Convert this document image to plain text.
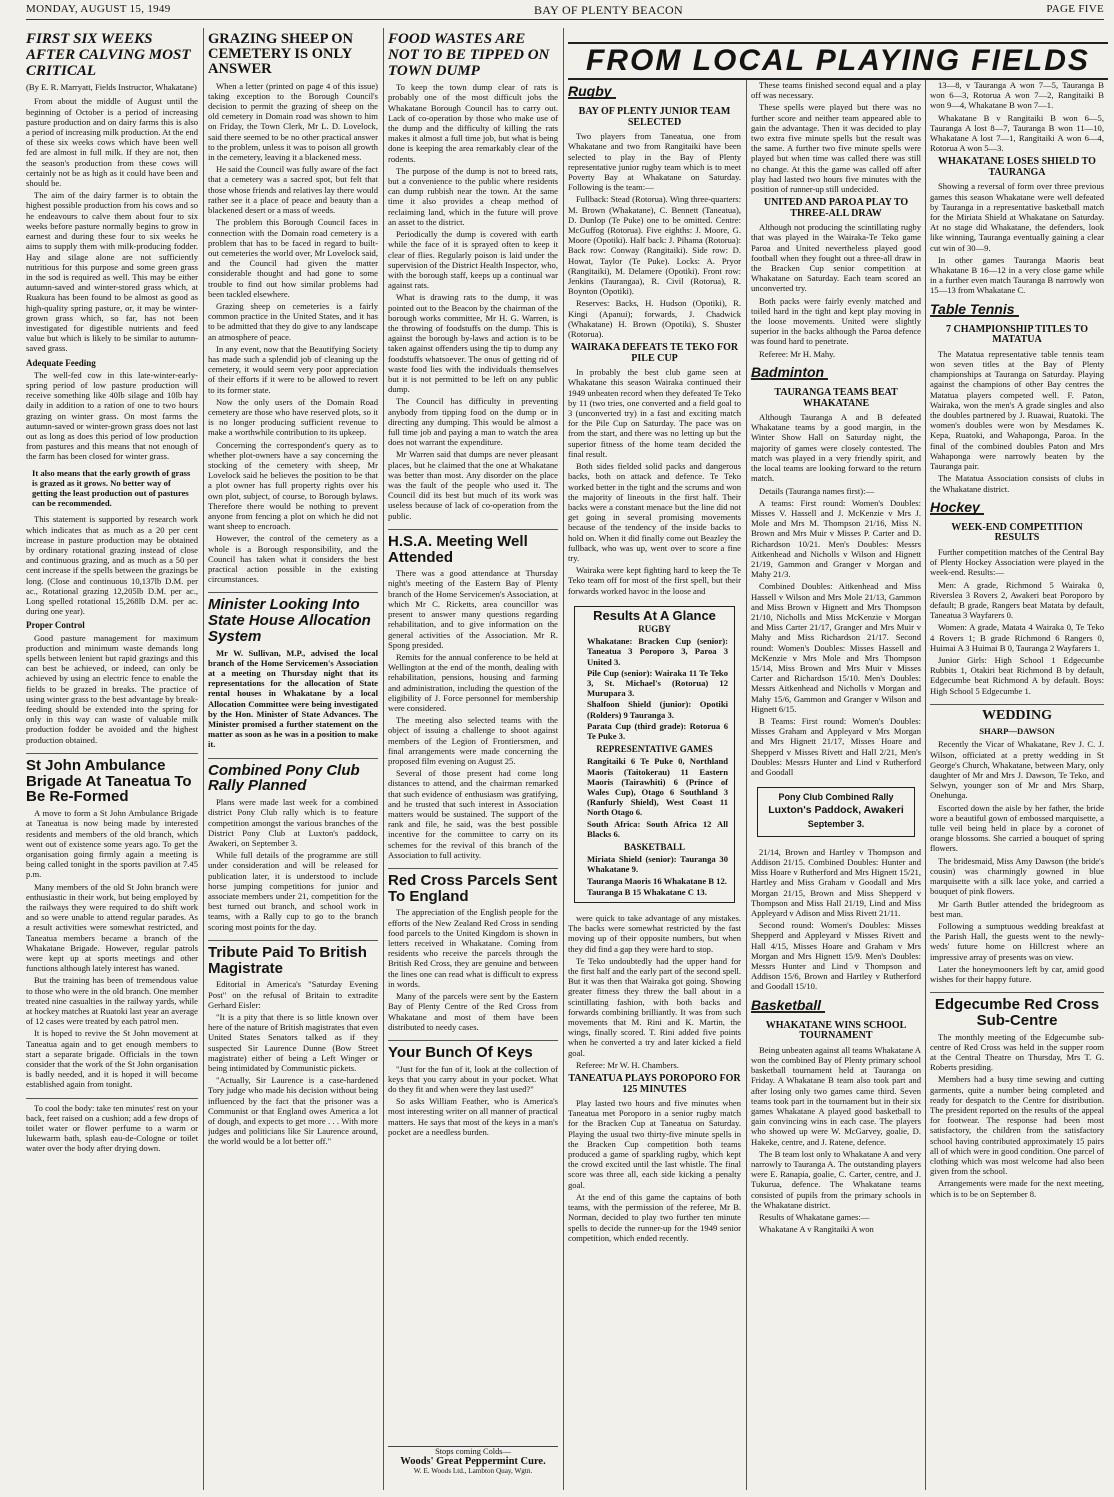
MONDAY, AUGUST 15, 1949	BAY OF PLENTY BEACON	PAGE FIVE
FROM LOCAL PLAYING FIELDS
FIRST SIX WEEKS AFTER CALVING MOST CRITICAL
(By E. R. Marryatt, Fields Instructor, Whakatane)

From about the middle of August until the beginning of October is a period of increasing pasture production and on dairy farms this is also a period of increasing milk production. At the end of these six weeks cows which have been well fed are almost in full milk. If they are not, then the season's production from these cows will certainly not be as high as it could have been and should be.

The aim of the dairy farmer is to obtain the highest possible production from his cows and so he endeavours to calve them about four to six weeks before pasture normally begins to grow in earnest and during these four to six weeks he aims to supply them with milk-producing fodder. Hay and silage alone are not sufficiently nutritious for this purpose and some green grass in the sod is required as well. This may be either autumn-saved and winter-stored grass which, at Ruakura has been found to be almost as good as high-quality spring pasture, or, it may be winter-grown grass which, so far, has not been investigated for digestible nutrients and feed value but which is likely to be similar to autumn-saved grass.

Adequate Feeding

The well-fed cow in this late-winter-early-spring period of low pasture production will receive something like 40lb silage and 10lb hay daily in addition to a ration of one to two hours grazing on winter grass. On most farms the autumn-saved or winter-grown grass does not last out as long as does this period of low production from pastures and this means that not enough of the farm has been closed for winter grass.

It also means that the early growth of grass is grazed as it grows. No better way of getting the least production out of pastures can be recommended.

This statement is supported by research work which indicates that as much as a 20 per cent increase in pasture production may be obtained by ordinary rotational grazing instead of close and continuous grazing, and as much as a 50 per cent increase if the spells between the grazings be long. (Close and continuous 10,137lb D.M. per ac., Rotational grazing 12,205lb D.M. per ac., Long spelled rotational 15,268lb D.M. per ac. during one year).

Proper Control

Good pasture management for maximum production and minimum waste demands long spells between lenient but rapid grazings and this can best be achieved, or indeed, can only be achieved by using an electric fence to enable the fields to be grazed in breaks. The practice of using winter grass to the best advantage by break-feeding should be extended into the spring for only in this way can waste of valuable milk production fodder be avoided and the highest production obtained.

St John Ambulance Brigade At Taneatua To Be Re-Formed

A move to form a St John Ambulance Brigade at Taneatua is now being made by interested residents and members of the old branch, which went out of existence some years ago. To get the organisation going firmly again a meeting is being called tonight in the sports pavilion at 7.45 p.m.

Many members of the old St John branch were enthusiastic in their work, but being employed by the railways they were required to do shift work and so were unable to attend regular parades. As a result activities were somewhat restricted, and Taneatua members became a branch of the Whakatane Brigade. However, regular patrols were kept up at sports meetings and other functions although lately interest has waned.

But the training has been of tremendous value to those who were in the old branch. One member treated nine casualties in the railway yards, while at hockey matches at Ruatoki last year an average of 12 cases were treated by each patrol men.

It is hoped to revive the St John movement at Taneatua again and to get enough members to start a separate brigade. Officials in the town consider that the work of the St John organisation is badly needed, and it is hoped it will become established again from tonight.

To cool the body: take ten minutes' rest on your back, feet raised on a cushion; add a few drops of toilet water or flower perfume to a warm or lukewarm bath, splash eau-de-Cologne or toilet water over the body after drying down.

GRAZING SHEEP ON CEMETERY IS ONLY ANSWER

When a letter (printed on page 4 of this issue) taking exception to the Borough Council's decision to permit the grazing of sheep on the old cemetery in Domain road was shown to him on Friday, the Town Clerk, Mr L. D. Lovelock, said there seemed to be no other practical answer to the problem, unless it was to poison all growth in the cemetery, leaving it a blackened mess.

He said the Council was fully aware of the fact that a cemetery was a sacred spot, but felt that those whose friends and relatives lay there would rather see it a place of peace and beauty than a blackened desert or a mass of weeds.

The problem this Borough Council faces in connection with the Domain road cemetery is a problem that has to be faced in regard to built-out cemeteries the world over, Mr Lovelock said, and the Council had given the matter considerable thought and had gone to some trouble to find out how similar problems had been tackled elsewhere.

Grazing sheep on cemeteries is a fairly common practice in the United States, and it has to be admitted that they do give to any landscape an atmosphere of peace.

In any event, now that the Beautifying Society has made such a splendid job of cleaning up the cemetery, it would seem very poor appreciation of their efforts if it were to be allowed to revert to its former state.

Now the only users of the Domain Road cemetery are those who have reserved plots, so it is no longer producing sufficient revenue to make a worthwhile contribution to its upkeep.

Concerning the correspondent's query as to whether plot-owners have a say concerning the stocking of the cemetery with sheep, Mr Lovelock said he believes the position to be that a plot owner has full property rights over his own plot, subject, of course, to Borough bylaws. Therefore there would be nothing to prevent anyone from fencing a plot on which he did not want sheep to encroach.

However, the control of the cemetery as a whole is a Borough responsibility, and the Council has taken what it considers the best practical action possible in the existing circumstances.

Minister Looking Into State House Allocation System

Mr W. Sullivan, M.P., advised the local branch of the Home Servicemen's Association at a meeting on Thursday night that its representations for the allocation of State rental houses in Whakatane by a local Allocation Committee were being investigated by the Hon. Minister of State Advances. The Minister promised a further statement on the matter as soon as he was in a position to make it.

Combined Pony Club Rally Planned

Plans were made last week for a combined district Pony Club rally which is to feature competition amongst the various branches of the District Pony Club at Luxton's paddock, Awakeri, on September 3.

While full details of the programme are still under consideration and will be released for publication later, it is understood to include horse jumping competitions for junior and associate members under 21, competition for the best turned out branch, and school work in teams, with a Rally cup to go to the branch scoring most points for the day.

Tribute Paid To British Magistrate

Editorial in America's "Saturday Evening Post" on the refusal of Britain to extradite Gerhard Eisler:

"It is a pity that there is so little known over here of the nature of British magistrates that even United States Senators talked as if they suspected Sir Laurence Dunne (Bow Street magistrate) either of being a Left Winger or being intimidated by Communistic pickets.

"Actually, Sir Laurence is a case-hardened Tory judge who made his decision without being influenced by the fact that the prisoner was a Communist or that England owes America a lot of dough, and expects to get more . . . With more judges and politicians like Sir Laurence around, the world would be a lot better off."

FOOD WASTES ARE NOT TO BE TIPPED ON TOWN DUMP

To keep the town dump clear of rats is probably one of the most difficult jobs the Whakatane Borough Council has to carry out. Lack of co-operation by those who make use of the dump and the difficulty of killing the rats makes it almost a full time job, but what is being done is keeping the area remarkably clear of the rodents.

The purpose of the dump is not to breed rats, but a convenience to the public where residents can dump rubbish near the town. At the same time it also provides a cheap method of reclaiming land, which in the future will prove an asset to the district.

Periodically the dump is covered with earth while the face of it is sprayed often to keep it clear of flies. Regularly poison is laid under the supervision of the District Health Inspector, who, with the borough staff, keeps up a continual war against rats.

What is drawing rats to the dump, it was pointed out to the Beacon by the chairman of the borough works committee, Mr H. G. Warren, is the throwing of foodstuffs on the dump. This is against the borough by-laws and action is to be taken against offenders using the tip to dump any foodstuffs whatsoever. The onus of getting rid of waste food lies with the individuals themselves but it is not permitted to be left on any public dump.

The Council has difficulty in preventing anybody from tipping food on the dump or in directing any dumping. This would be almost a full time job and paying a man to watch the area does not warrant the expenditure.

Mr Warren said that dumps are never pleasant places, but he claimed that the one at Whakatane was better than most. Any disorder on the place was the fault of the people who used it. The Council did its best but much of its work was useless because of lack of co-operation from the public.

H.S.A. Meeting Well Attended

There was a good attendance at Thursday night's meeting of the Eastern Bay of Plenty branch of the Home Servicemen's Association, at which Mr C. Ricketts, area councillor was present to answer many questions regarding rehabilitation, and to give information on the general activities of the Association. Mr R. Spong presided.

Remits for the annual conference to be held at Wellington at the end of the month, dealing with rehabilitation, pensions, housing and farming and administration, including the question of the eligibility of J. Force personnel for membership were considered.

The meeting also selected teams with the object of issuing a challenge to shoot against members of the Legion of Frontiersmen, and final arrangements were made concerning the proposed film evening on August 25.

Several of those present had come long distances to attend, and the chairman remarked that such evidence of enthusiasm was gratifying, and he trusted that such interest in Association matters would be sustained. The support of the rank and file, he said, was the best possible incentive for the committee to carry on its schemes for the revival of this branch of the Association to full activity.

Red Cross Parcels Sent To England

The appreciation of the English people for the efforts of the New Zealand Red Cross in sending food parcels to the United Kingdom is shown in letters received in Whakatane. Coming from residents who receive the parcels through the British Red Cross, they are genuine and between the lines one can read what is difficult to express in words.

Many of the parcels were sent by the Eastern Bay of Plenty Centre of the Red Cross from Whakatane and most of them have been distributed to needy cases.

Your Bunch Of Keys

"Just for the fun of it, look at the collection of keys that you carry about in your pocket. What do they fit and when were they last used?"

So asks William Feather, who is America's most interesting writer on all manner of practical matters. He says that most of the keys in a man's pocket are a needless burden.

Stops coming Colds—
Woods' Great Peppermint Cure.
W. E. Woods Ltd., Lambton Quay, Wgtn.
Rugby
BAY OF PLENTY JUNIOR TEAM SELECTED

Two players from Taneatua, one from Whakatane and two from Rangitaiki have been selected to play in the Bay of Plenty representative junior rugby team which is to meet Poverty Bay at Whakatane on Saturday. Following is the team:—

Fullback: Stead (Rotorua). Wing three-quarters: M. Brown (Whakatane), C. Bennett (Taneatua), D. Dunlop (Te Puke) one to be omitted. Centre: McGuffog (Rotorua). Five eighths: J. Moore, G. Moore (Opotiki). Half back: J. Pihama (Rotorua): Back row: Conway (Rangitaiki). Side row: D. Howat, Taylor (Te Puke). Locks: A. Pryor (Rangitaiki), M. Delamere (Opotiki). Front row: Jenkins (Taurangaa), R. Civil (Rotorua), R. Boynton (Opotiki).

Reserves: Backs, H. Hudson (Opotiki), R. Kingi (Apanui); forwards, J. Chadwick (Whakatane) H. Brown (Opotiki), S. Shuster (Rotorua).

WAIRAKA DEFEATS TE TEKO FOR PILE CUP

In probably the best club game seen at Whakatane this season Wairaka continued their 1949 unbeaten record when they defeated Te Teko by 11 (two tries, one converted and a field goal to 3 (unconverted try) in a fast and exciting match for the Pile Cup on Saturday. The pace was on from the start, and there was no letting up but the superior fitness of the home team decided the final result.

Both sides fielded solid packs and dangerous backs, both on attack and defence. Te Teko worked better in the tight and the scrums and won the majority of lineouts in the first half. Their backs were a constant menace but the line did not get going in several promising movements because of the tendency of the inside backs to hold on. When it did finally come out Beazley the fullback, who was up, went over to score a fine try.

Wairaka were kept fighting hard to keep the Te Teko team off for most of the first spell, but their forwards worked havoc in the loose and

Results At A Glance
RUGBY

Whakatane: Bracken Cup (senior): Taneatua 3 Poroporo 3, Paroa 3 United 3.

Pile Cup (senior): Wairaka 11 Te Teko 3, St. Michael's (Rotorua) 12 Murupara 3.

Shalfoon Shield (junior): Opotiki (Rolders) 9 Tauranga 3.

Parata Cup (third grade): Rotorua 6 Te Puke 3.

REPRESENTATIVE GAMES

Rangitaiki 6 Te Puke 0, Northland Maoris (Taitokerau) 11 Eastern Maoris (Tairawhiti) 6 (Prince of Wales Cup), Otago 6 Southland 3 (Ranfurly Shield), West Coast 11 North Otago 6.

South Africa: South Africa 12 All Blacks 6.

BASKETBALL

Miriata Shield (senior): Tauranga 30 Whakatane 9.

Tauranga Maoris 16 Whakatane B 12.

Tauranga B 15 Whakatane C 13.

were quick to take advantage of any mistakes. The backs were somewhat restricted by the fast moving up of their opposite numbers, but when they did find a gap they were hard to stop.

Te Teko undoubtedly had the upper hand for the first half and the early part of the second spell. But it was then that Wairaka got going. Showing greater fitness they threw the ball about in a scintillating fashion, with both backs and forwards combining brilliantly. It was from such movements that M. Rini and K. Martin, the wings, finally scored. T. Rini added five points when he converted a try and later kicked a field goal.

Referee: Mr W. H. Chambers.

TANEATUA PLAYS POROPORO FOR 125 MINUTES

Play lasted two hours and five minutes when Taneatua met Poroporo in a senior rugby match for the Bracken Cup at Taneatua on Saturday. Playing the usual two thirty-five minute spells in the Bracken Cup competition both teams produced a game of sparkling rugby, which kept the crowd excited until the last whistle. The final score was three all, each side kicking a penalty goal.

At the end of this game the captains of both teams, with the permission of the referee, Mr B. Norman, decided to play two further ten minute spells to decide the runner-up for the 1949 senior competition, which ended recently.

These teams finished second equal and a play off was necessary.

These spells were played but there was no further score and neither team appeared able to gain the advantage. Then it was decided to play two extra five minute spells but the result was the same. A further two five minute spells were played but when time was called there was still no change. At this the game was called off after play had lasted two hours five minutes with the position of runner-up still undecided.

UNITED AND PAROA PLAY TO THREE-ALL DRAW

Although not producing the scintillating rugby that was played in the Wairaka-Te Teko game Paroa and United nevertheless played good football when they fought out a three-all draw in the Bracken Cup senior competition at Whakatane on Saturday. Each team scored an unconverted try.

Both packs were fairly evenly matched and toiled hard in the tight and kept play moving in the loose movements. United were slightly superior in the backs although the Paroa defence was found hard to penetrate.

Referee: Mr H. Mahy.

Badminton
TAURANGA TEAMS BEAT WHAKATANE

Although Tauranga A and B defeated Whakatane teams by a good margin, in the Winter Show Hall on Saturday night, the majority of games were closely contested. The match was played in a very friendly spirit, and the local teams are looking forward to the return match.

Details (Tauranga names first):—

A teams: First round: Women's Doubles: Misses V. Hassell and J. McKenzie v Mrs J. Mole and Mrs M. Thompson 21/16, Miss N. Brown and Mrs Muir v Misses P. Carter and D. Richardson 10/21. Men's Doubles: Messrs Aitkenhead and Nicholls v Wilson and Hignett 21/19, Gammon and Granger v Morgan and Mahy 21/3.

Combined Doubles: Aitkenhead and Miss Hassell v Wilson and Mrs Mole 21/13, Gammon and Miss Brown v Hignett and Mrs Thompson 21/10, Nicholls and Miss McKenzie v Morgan and Miss Carter 21/17, Granger and Mrs Muir v Mahy and Miss Richardson 21/17. Second round: Women's Doubles: Misses Hassell and McKenzie v Mrs Mole and Mrs Thompson 15/14, Miss Brown and Mrs Muir v Misses Carter and Richardson 15/10. Men's Doubles: Messrs Aitkenhead and Nicholls v Morgan and Mahy 15/6, Gammon and Granger v Wilson and Hignett 6/15.

B Teams: First round: Women's Doubles: Misses Graham and Appleyard v Mrs Morgan and Mrs Hignett 21/17, Misses Hoare and Shepperd v Misses Rivett and Hall 2/21, Men's Doubles: Messrs Hunter and Lind v Rutherford and Goodall

Pony Club Combined Rally
Luxton's Paddock, Awakeri
September 3.

21/14, Brown and Hartley v Thompson and Addison 21/15. Combined Doubles: Hunter and Miss Hoare v Rutherford and Mrs Hignett 15/21, Hartley and Miss Graham v Goodall and Mrs Morgan 21/15, Brown and Miss Shepperd v Thompson and Miss Hall 21/19, Lind and Miss Appleyard v Adison and Miss Rivett 21/11.

Second round: Women's Doubles: Misses Shepperd and Appleyard v Misses Rivett and Hall 4/15, Misses Hoare and Graham v Mrs Morgan and Mrs Hignett 15/9. Men's Doubles: Messrs Hunter and Lind v Thompson and Addison 15/6, Brown and Hartley v Rutherford and Goodall 15/10.

Basketball
WHAKATANE WINS SCHOOL TOURNAMENT

Being unbeaten against all teams Whakatane A won the combined Bay of Plenty primary school basketball tournament held at Tauranga on Friday. A Whakatane B team also took part and after losing only two games came third. Seven teams took part in the tournament but in their six games Whakatane A played good basketball to gain convincing wins in each case. The players who showed up were W. McGarvey, goalie, D. Hakeke, centre, and J. Ratene, defence.

The B team lost only to Whakatane A and very narrowly to Tauranga A. The outstanding players were E. Ranapia, goalie, C. Carter, centre, and J. Tukurua, defence. The Whakatane teams consisted of pupils from the primary schools in the Whakatane district.

Results of Whakatane games:—

Whakatane A v Rangitaiki A won

13—8, v Tauranga A won 7—5, Tauranga B won 6—3, Rotorua A won 7—2, Rangitaiki B won 9—4, Whakatane B won 7—1.

Whakatane B v Rangitaiki B won 6—5, Tauranga A lost 8—7, Tauranga B won 11—10, Whakatane A lost 7—1, Rangitaiki A won 6—4, Rotorua A won 5—3.

WHAKATANE LOSES SHIELD TO TAURANGA

Showing a reversal of form over three previous games this season Whakatane were well defeated by Tauranga in a representative basketball match for the Miriata Shield at Whakatane on Saturday. At no stage did Whakatane, the defenders, look like winning, Tauranga eventually gaining a clear cut win of 30—9.

In other games Tauranga Maoris beat Whakatane B 16—12 in a very close game while in a further even match Tauranga B narrowly won 15—13 from Whakatane C.

Table Tennis
7 CHAMPIONSHIP TITLES TO MATATUA

The Matatua representative table tennis team won seven titles at the Bay of Plenty championships at Tauranga on Saturday. Playing against the champions of other Bay centres the Matatua players competed well. F. Paton, Wairaka, won the men's A grade singles and also the doubles partnered by J. Ruawai, Ruatoki. The women's doubles were won by Mesdames K. Kepa, Ruatoki, and Wahaponga, Paroa. In the final of the combined doubles Paton and Mrs Wahaponga were narrowly beaten by the Tauranga pair.

The Matatua Association consists of clubs in the Whakatane district.

Hockey
WEEK-END COMPETITION RESULTS

Further competition matches of the Central Bay of Plenty Hockey Association were played in the week-end. Results:—

Men: A grade, Richmond 5 Wairaka 0, Riverslea 3 Rovers 2, Awakeri beat Poroporo by default; B grade, Rangers beat Matata by default, Taneatua 3 Wayfarers 0.

Women: A grade, Matata 4 Wairaka 0, Te Teko 4 Rovers 1; B grade Richmond 6 Rangers 0, Huimai A 3 Huimai B 0, Tauranga 2 Wayfarers 1.

Junior Girls: High School 1 Edgecumbe Rubbits 1, Otakiri beat Richmond B by default, Edgecumbe beat Richmond A by default. Boys: High School 5 Edgecumbe 1.

WEDDING
SHARP—DAWSON

Recently the Vicar of Whakatane, Rev J. C. J. Wilson, officiated at a pretty wedding in St George's Church, Whakatane, between Mary, only daughter of Mr and Mrs J. Dawson, Te Teko, and Selwyn, younger son of Mr and Mrs Sharp, Onehunga.

Escorted down the aisle by her father, the bride wore a beautiful gown of embossed marquisette, a tulle veil being held in place by a coronet of orange blossoms. She carried a bouquet of spring flowers.

The bridesmaid, Miss Amy Dawson (the bride's cousin) was charmingly gowned in blue marquisette with a silk lace yoke, and carried a bouquet of pink flowers.

Mr Garth Butler attended the bridegroom as best man.

Following a sumptuous wedding breakfast at the Parish Hall, the guests went to the newly-weds' future home on Hillcrest where an impressive array of presents was on view.

Later the honeymooners left by car, amid good wishes for their happy future.

Edgecumbe Red Cross Sub-Centre

The monthly meeting of the Edgecumbe sub-centre of Red Cross was held in the supper room at the Central Theatre on Thursday, Mrs T. G. Roberts presiding.

Members had a busy time sewing and cutting garments, quite a number being completed and ready for despatch to the Centre for distribution. The president reported on the results of the appeal for footwear. The response had been most satisfactory, the children from the satisfactory school having contributed approximately 15 pairs all of which were in good condition. One parcel of clothing which was most welcome had also been given from the school.

Arrangements were made for the next meeting, which is to be on September 8.
